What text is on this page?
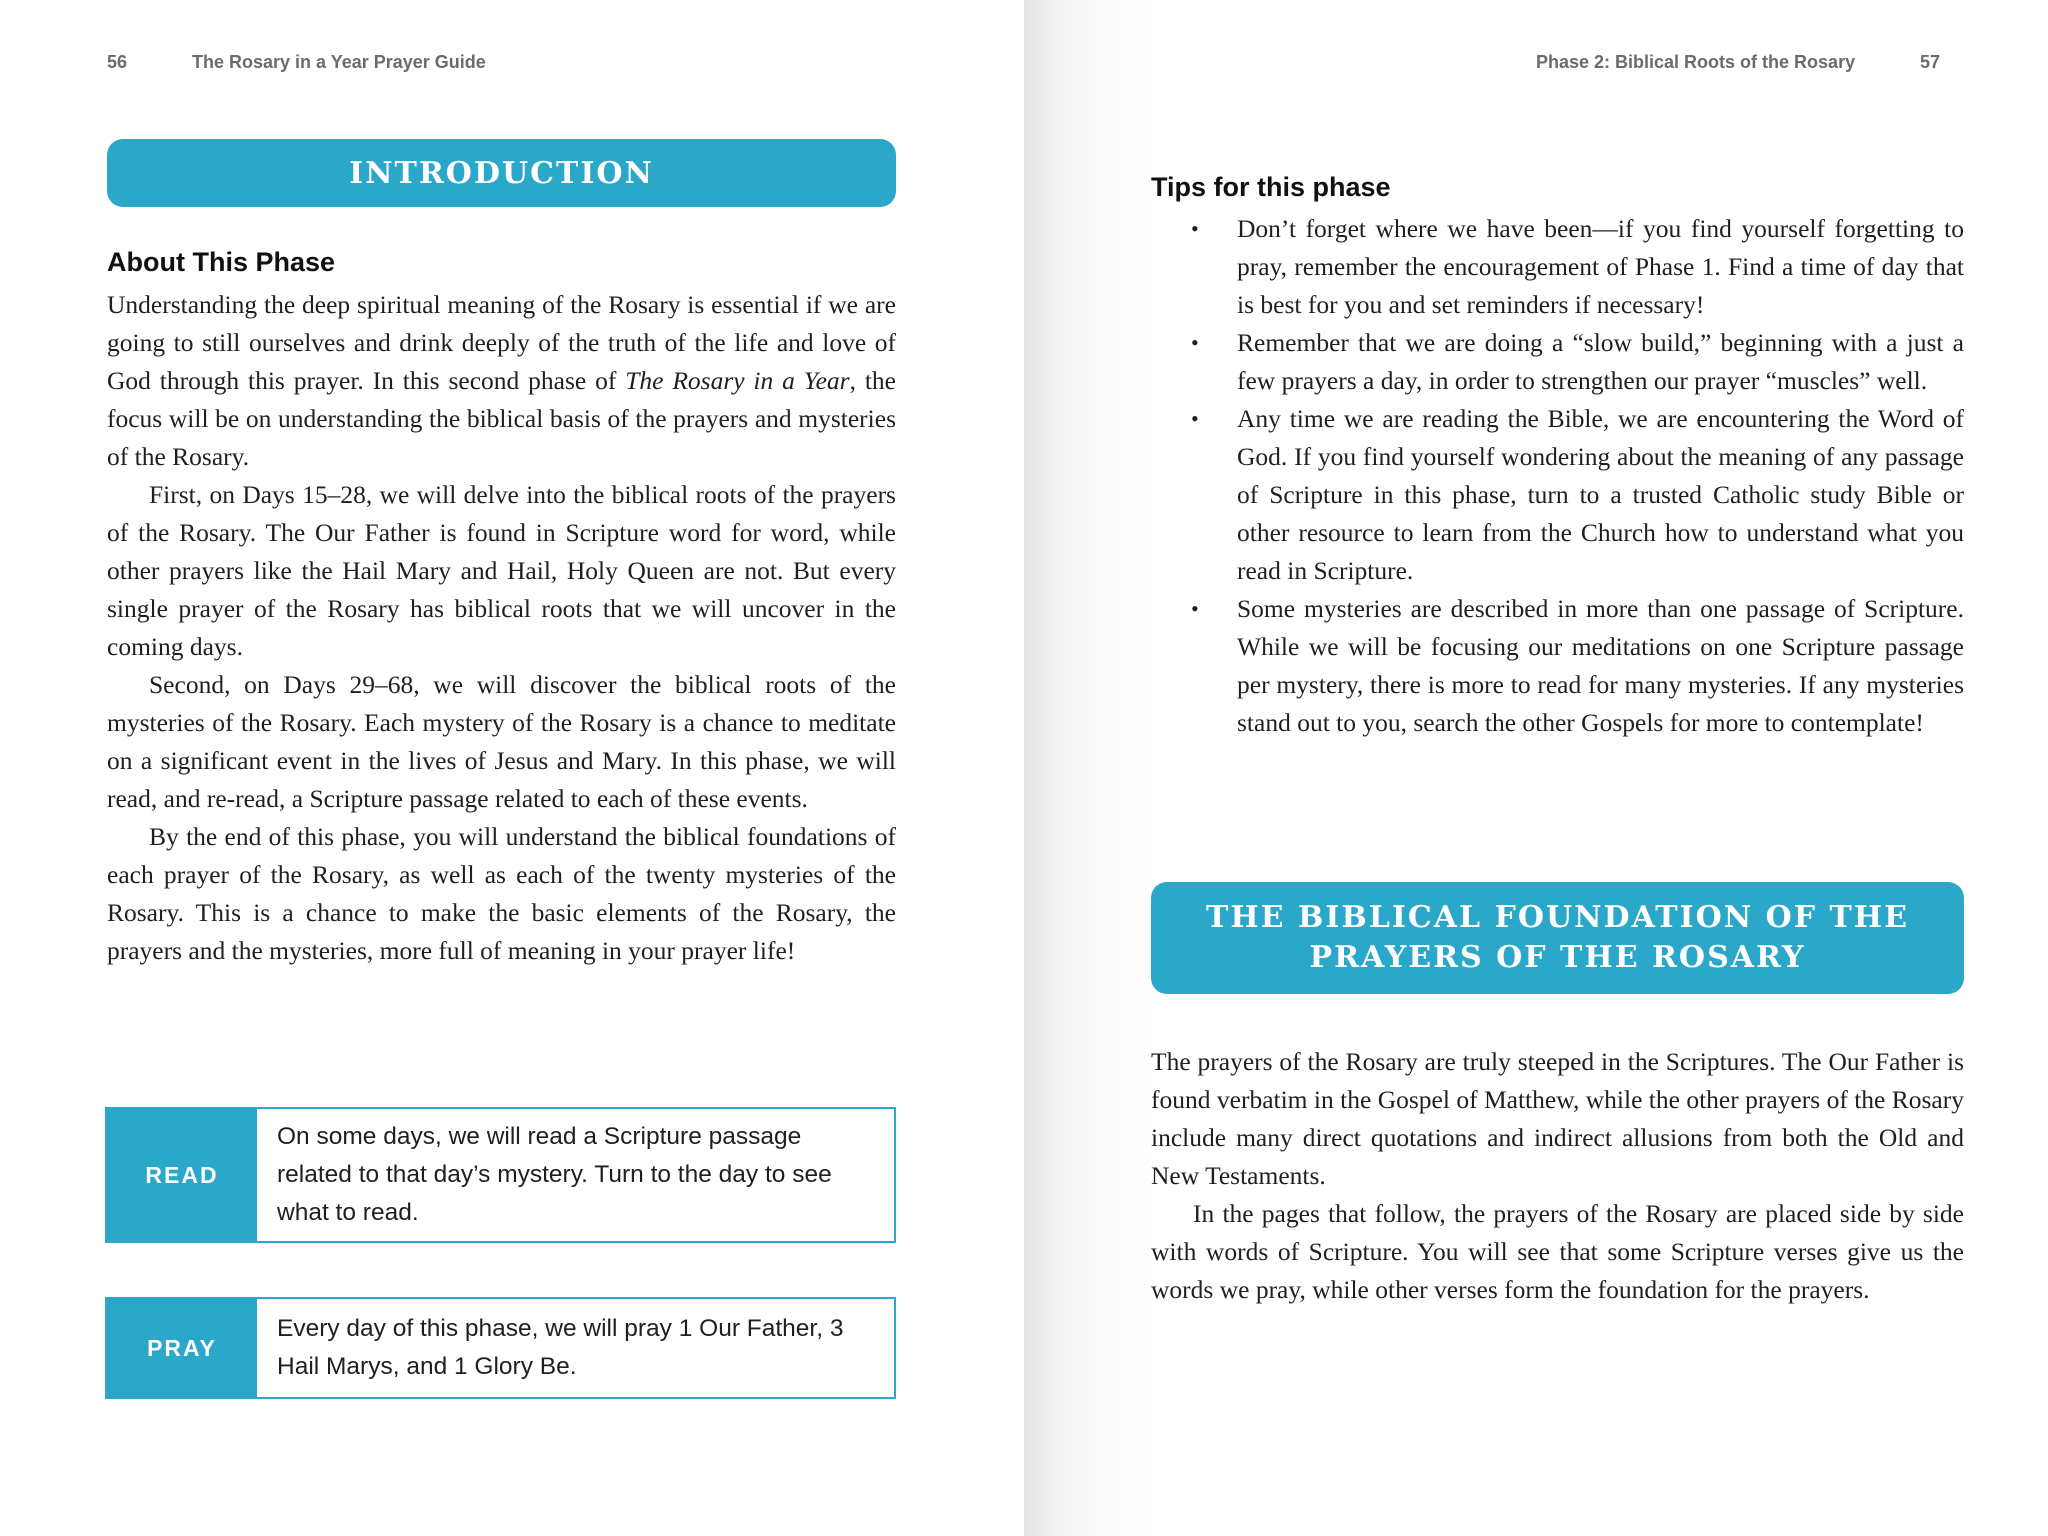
56	The Rosary in a Year Prayer Guide
INTRODUCTION
About This Phase

Understanding the deep spiritual meaning of the Rosary is essential if we are going to still ourselves and drink deeply of the truth of the life and love of God through this prayer. In this second phase of The Rosary in a Year, the focus will be on understanding the biblical basis of the prayers and mysteries of the Rosary.

First, on Days 15–28, we will delve into the biblical roots of the prayers of the Rosary. The Our Father is found in Scripture word for word, while other prayers like the Hail Mary and Hail, Holy Queen are not. But every single prayer of the Rosary has biblical roots that we will uncover in the coming days.

Second, on Days 29–68, we will discover the biblical roots of the mysteries of the Rosary. Each mystery of the Rosary is a chance to meditate on a significant event in the lives of Jesus and Mary. In this phase, we will read, and re-read, a Scripture passage related to each of these events.

By the end of this phase, you will understand the biblical foundations of each prayer of the Rosary, as well as each of the twenty mysteries of the Rosary. This is a chance to make the basic elements of the Rosary, the prayers and the mysteries, more full of meaning in your prayer life!

READ
On some days, we will read a Scripture passage related to that day’s mystery. Turn to the day to see what to read.
PRAY
Every day of this phase, we will pray 1 Our Father, 3 Hail Marys, and 1 Glory Be.
Phase 2: Biblical Roots of the Rosary	57
Tips for this phase
• Don’t forget where we have been—if you find yourself forgetting to pray, remember the encouragement of Phase 1. Find a time of day that is best for you and set reminders if necessary!
• Remember that we are doing a “slow build,” beginning with a just a few prayers a day, in order to strengthen our prayer “muscles” well.
• Any time we are reading the Bible, we are encountering the Word of God. If you find yourself wondering about the meaning of any passage of Scripture in this phase, turn to a trusted Catholic study Bible or other resource to learn from the Church how to understand what you read in Scripture.
• Some mysteries are described in more than one passage of Scripture. While we will be focusing our meditations on one Scripture passage per mystery, there is more to read for many mysteries. If any mysteries stand out to you, search the other Gospels for more to contemplate!
THE BIBLICAL FOUNDATION OF THE
PRAYERS OF THE ROSARY

The prayers of the Rosary are truly steeped in the Scriptures. The Our Father is found verbatim in the Gospel of Matthew, while the other prayers of the Rosary include many direct quotations and indirect allusions from both the Old and New Testaments.

In the pages that follow, the prayers of the Rosary are placed side by side with words of Scripture. You will see that some Scripture verses give us the words we pray, while other verses form the foundation for the prayers.
